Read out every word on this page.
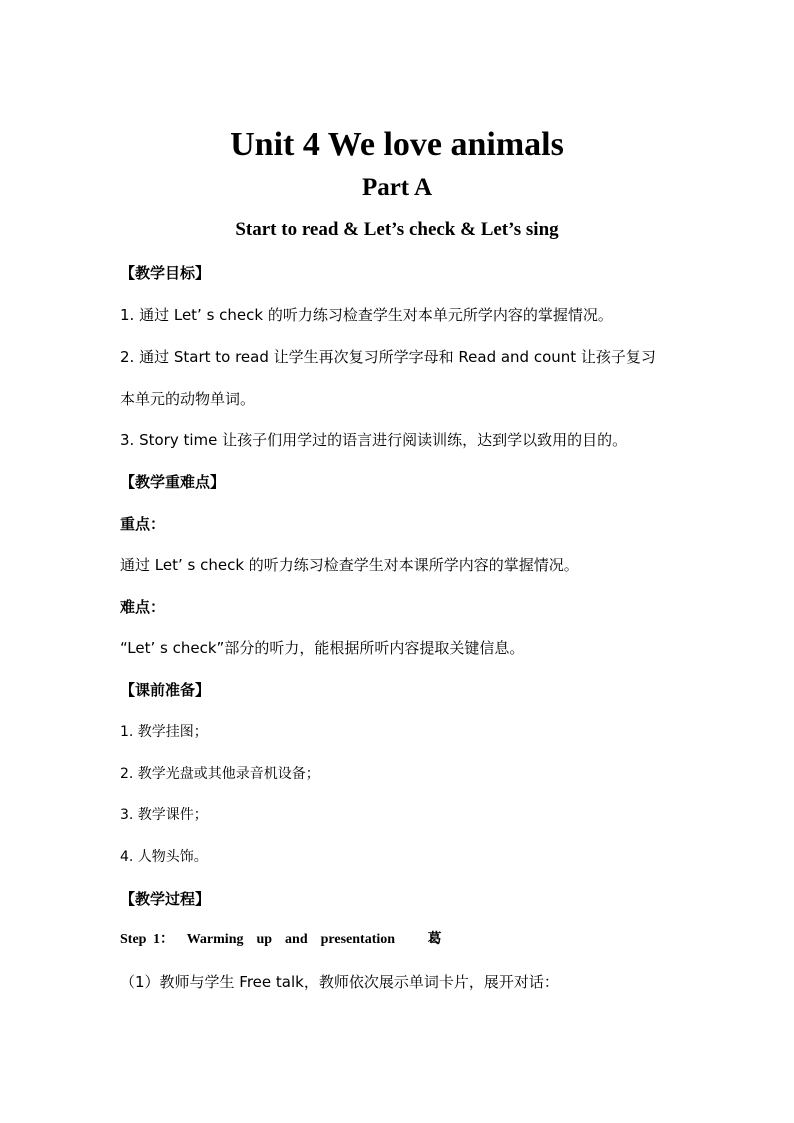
Unit 4 We love animals
Part A
Start to read & Let’s check & Let’s sing
【教学目标】
1. 通过 Let’ s check 的听力练习检查学生对本单元所学内容的掌握情况。
2. 通过 Start to read 让学生再次复习所学字母和 Read and count 让孩子复习
本单元的动物单词。
3. Story time 让孩子们用学过的语言进行阅读训练，达到学以致用的目的。
【教学重难点】
重点：
通过 Let’ s check 的听力练习检查学生对本课所学内容的掌握情况。
难点：
“Let’ s check”部分的听力，能根据所听内容提取关键信息。
【课前准备】
1. 教学挂图；
2. 教学光盘或其他录音机设备；
3. 教学课件；
4. 人物头饰。
【教学过程】
Step 1：  Warming  up  and  presentation     葛
（1）教师与学生 Free talk，教师依次展示单词卡片，展开对话：
